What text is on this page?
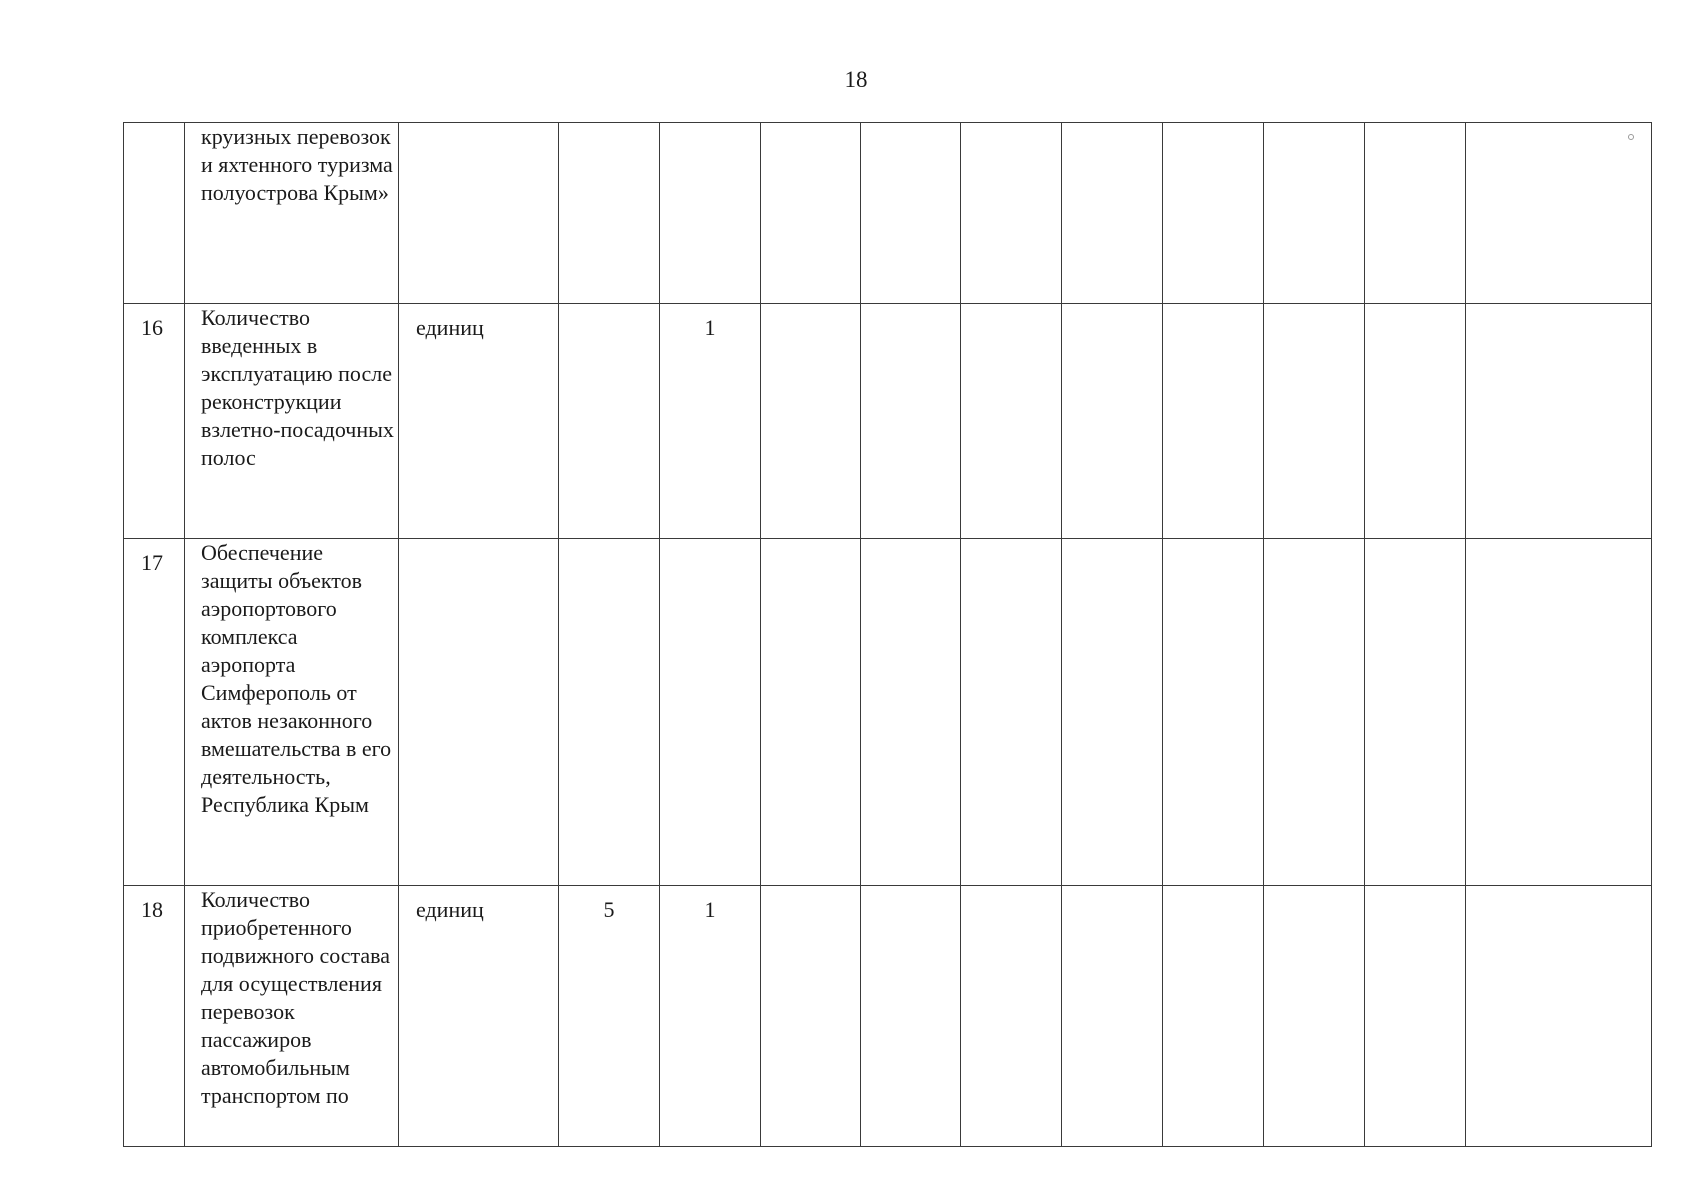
18
	круизных перевозок и яхтенного туризма полуострова Крым»											
16	Количество введенных в эксплуатацию после реконструкции взлетно-посадочных полос	единиц		1								
17	Обеспечение защиты объектов аэропортового комплекса аэропорта Симферополь от актов незаконного вмешательства в его деятельность, Республика Крым											
18	Количество приобретенного подвижного состава для осуществления перевозок пассажиров автомобильным транспортом по	единиц	5	1								
